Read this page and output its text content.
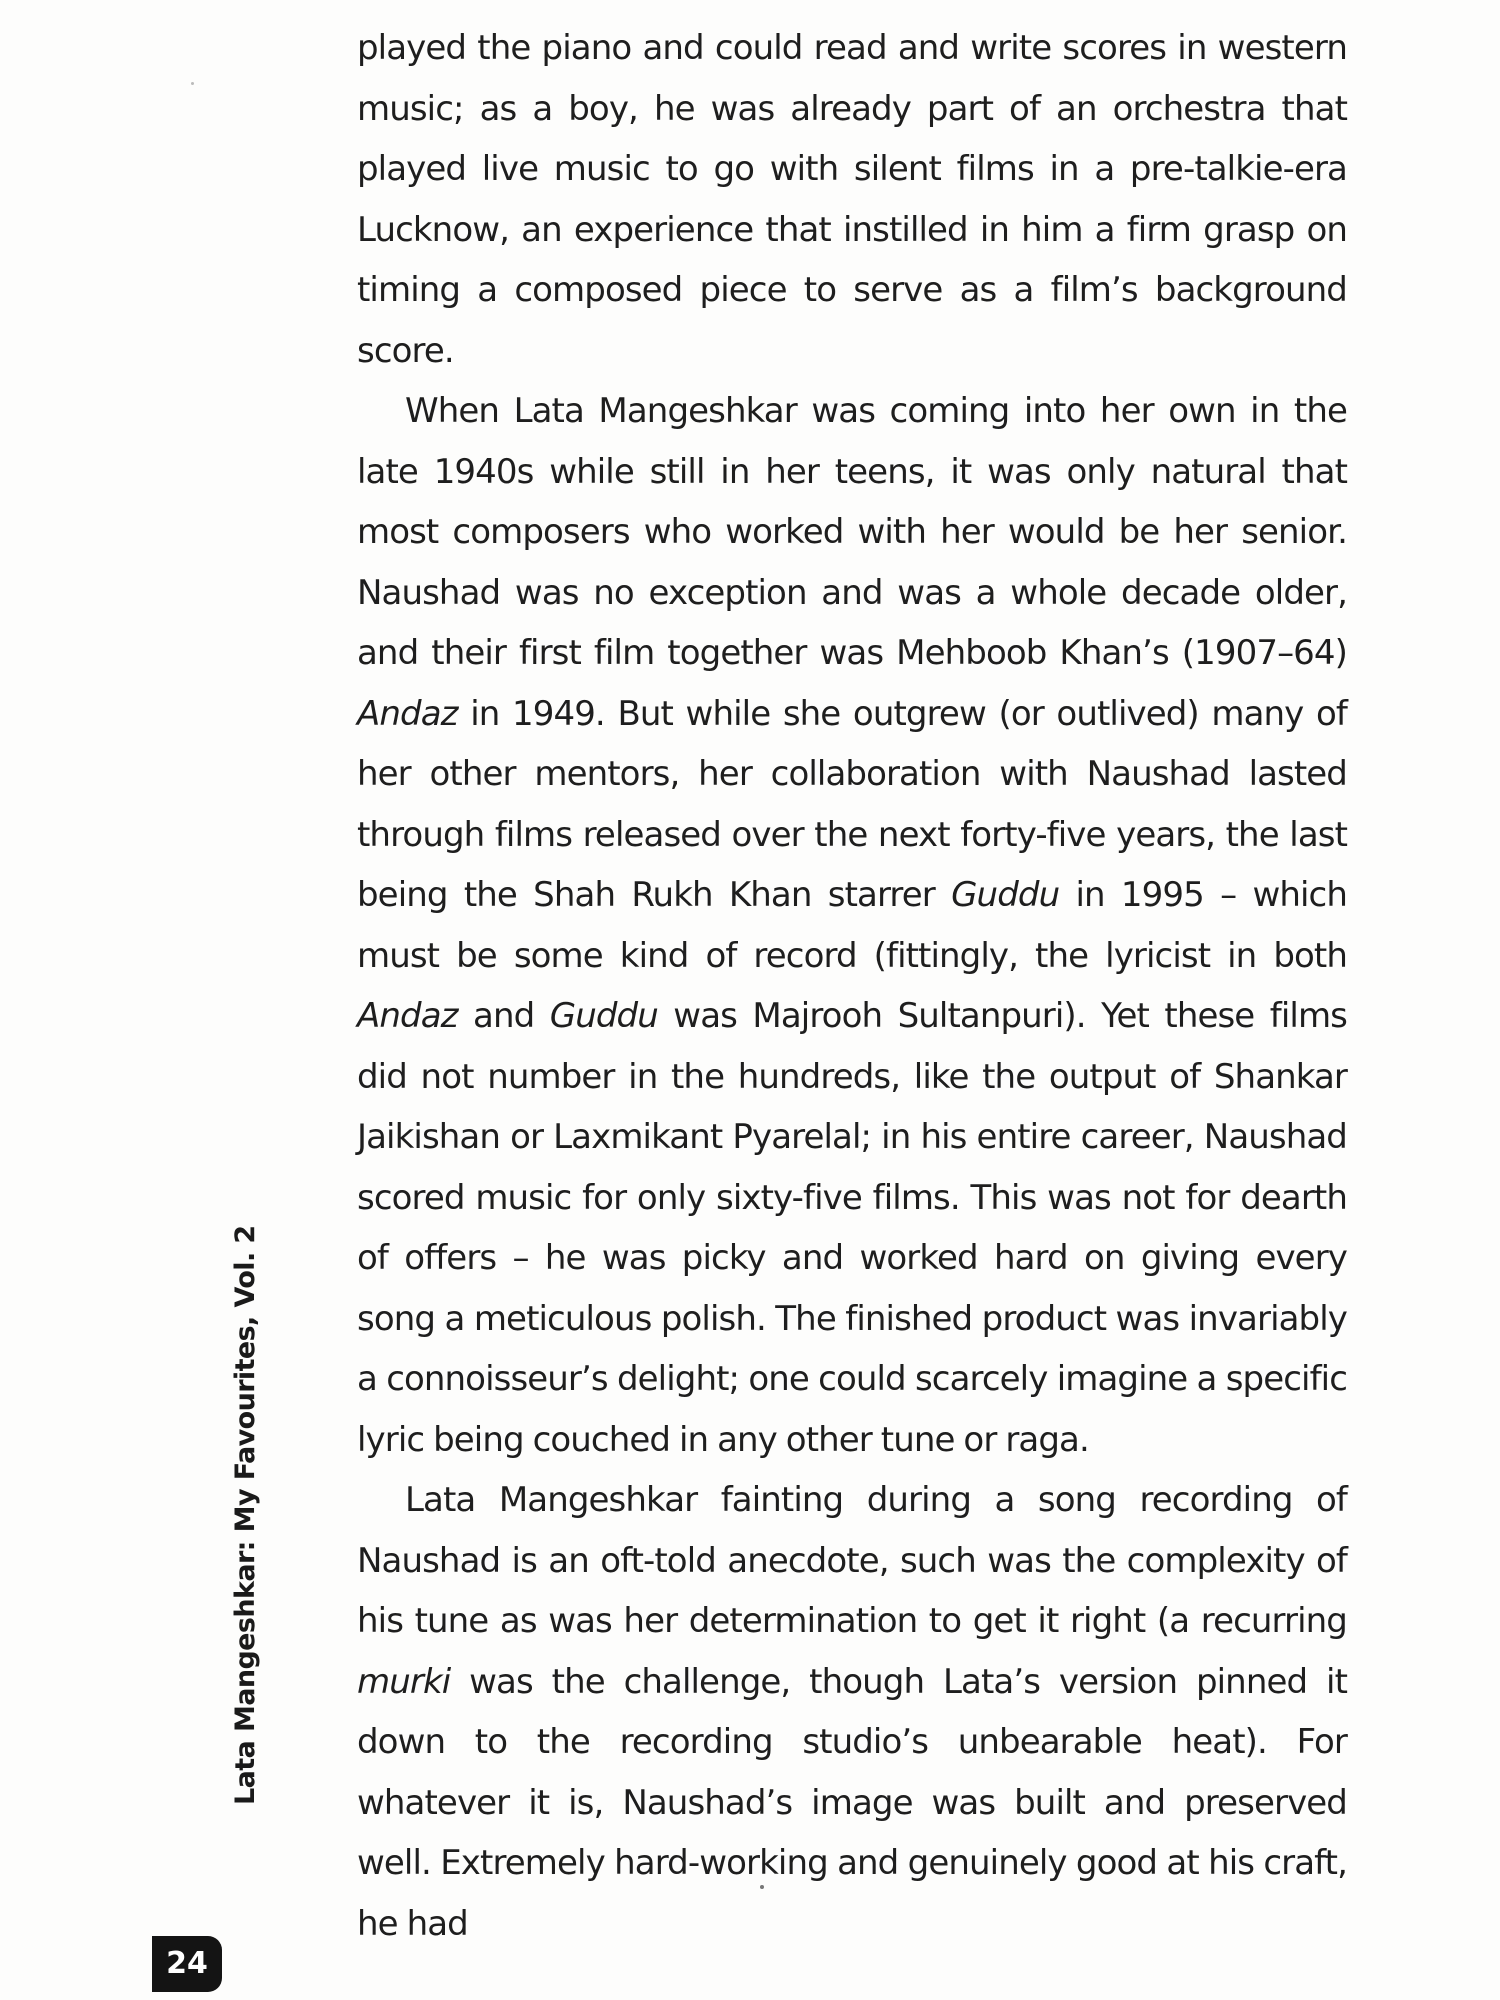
played the piano and could read and write scores in western music; as a boy, he was already part of an orchestra that played live music to go with silent films in a pre-talkie-era Lucknow, an experience that instilled in him a firm grasp on timing a composed piece to serve as a film’s background score.

When Lata Mangeshkar was coming into her own in the late 1940s while still in her teens, it was only natural that most composers who worked with her would be her senior. Naushad was no exception and was a whole decade older, and their first film together was Mehboob Khan’s (1907–64) Andaz in 1949. But while she outgrew (or outlived) many of her other mentors, her collaboration with Naushad lasted through films released over the next forty-five years, the last being the Shah Rukh Khan starrer Guddu in 1995 – which must be some kind of record (fittingly, the lyricist in both Andaz and Guddu was Majrooh Sultanpuri). Yet these films did not number in the hundreds, like the output of Shankar Jaikishan or Laxmikant Pyarelal; in his entire career, Naushad scored music for only sixty-five films. This was not for dearth of offers – he was picky and worked hard on giving every song a meticulous polish. The finished product was invariably a connoisseur’s delight; one could scarcely imagine a specific lyric being couched in any other tune or raga.

Lata Mangeshkar fainting during a song recording of Naushad is an oft-told anecdote, such was the complexity of his tune as was her determination to get it right (a recurring murki was the challenge, though Lata’s version pinned it down to the recording studio’s unbearable heat). For whatever it is, Naushad’s image was built and preserved well. Extremely hard-working and genuinely good at his craft, he had

Lata Mangeshkar: My Favourites, Vol. 2
24
